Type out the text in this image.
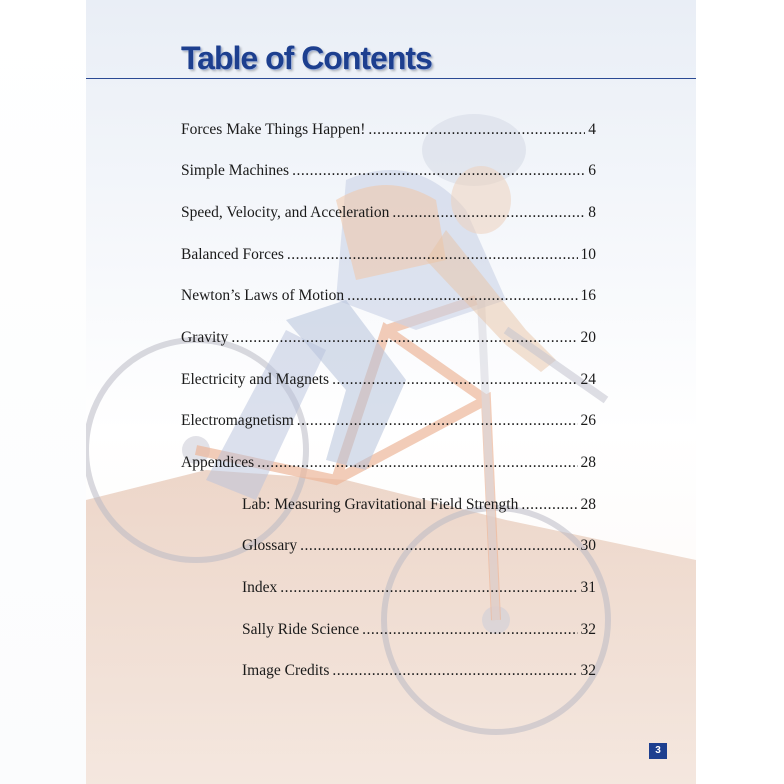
Table of Contents
Forces Make Things Happen! .....	4
Simple Machines .....	6
Speed, Velocity, and Acceleration .....	8
Balanced Forces .....	10
Newton’s Laws of Motion .....	16
Gravity .....	20
Electricity and Magnets .....	24
Electromagnetism .....	26
Appendices .....	28
Lab: Measuring Gravitational Field Strength .....	28
Glossary .....	30
Index .....	31
Sally Ride Science .....	32
Image Credits .....	32
3
